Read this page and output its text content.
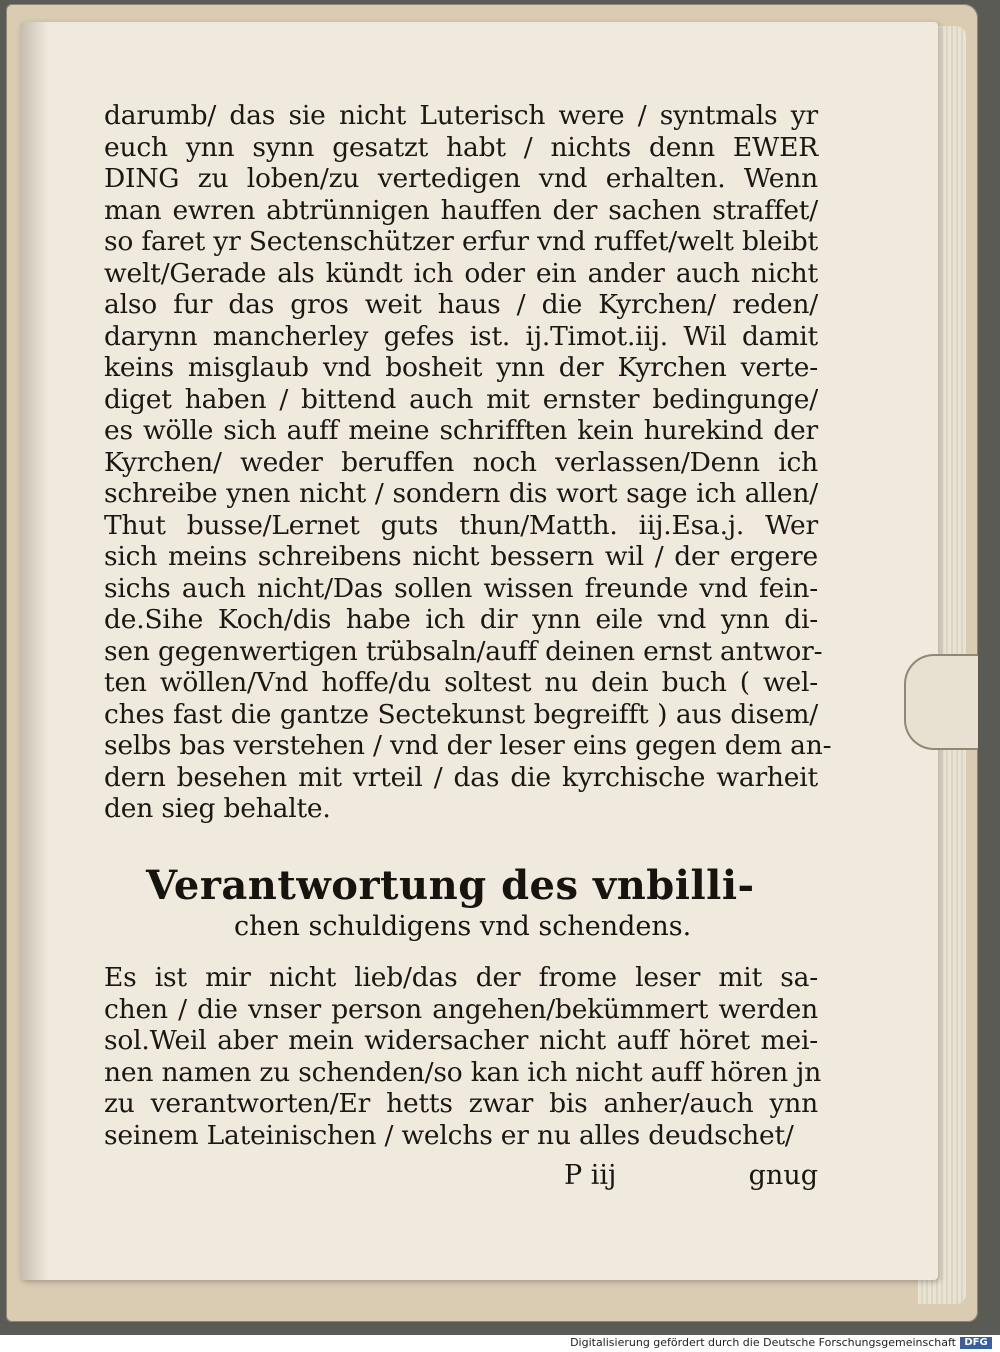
darumb/ das sie nicht Luterisch were / syntmals yr
euch ynn synn gesatzt habt / nichts denn EWER
DING zu loben/zu vertedigen vnd erhalten. Wenn
man ewren abtrünnigen hauffen der sachen straffet/
so faret yr Sectenschützer erfur vnd ruffet/welt bleibt
welt/Gerade als kündt ich oder ein ander auch nicht
also fur das gros weit haus / die Kyrchen/ reden/
darynn mancherley gefes ist. ij.Timot.iij. Wil damit
keins misglaub vnd bosheit ynn der Kyrchen verte-
diget haben / bittend auch mit ernster bedingunge/
es wölle sich auff meine schrifften kein hurekind der
Kyrchen/ weder beruffen noch verlassen/Denn ich
schreibe ynen nicht / sondern dis wort sage ich allen/
Thut busse/Lernet guts thun/Matth. iij.Esa.j. Wer
sich meins schreibens nicht bessern wil / der ergere
sichs auch nicht/Das sollen wissen freunde vnd fein-
de.Sihe Koch/dis habe ich dir ynn eile vnd ynn di-
sen gegenwertigen trübsaln/auff deinen ernst antwor-
ten wöllen/Vnd hoffe/du soltest nu dein buch ( wel-
ches fast die gantze Sectekunst begreifft ) aus disem/
selbs bas verstehen / vnd der leser eins gegen dem an-
dern besehen mit vrteil / das die kyrchische warheit
den sieg behalte.
Verantwortung des vnbilli-
chen schuldigens vnd schendens.
Es ist mir nicht lieb/das der frome leser mit sa-
chen / die vnser person angehen/bekümmert werden
sol.Weil aber mein widersacher nicht auff höret mei-
nen namen zu schenden/so kan ich nicht auff hören jn
zu verantworten/Er hetts zwar bis anher/auch ynn
seinem Lateinischen / welchs er nu alles deudschet/
P iij	gnug
Digitalisierung gefördert durch die Deutsche Forschungsgemeinschaft DFG
